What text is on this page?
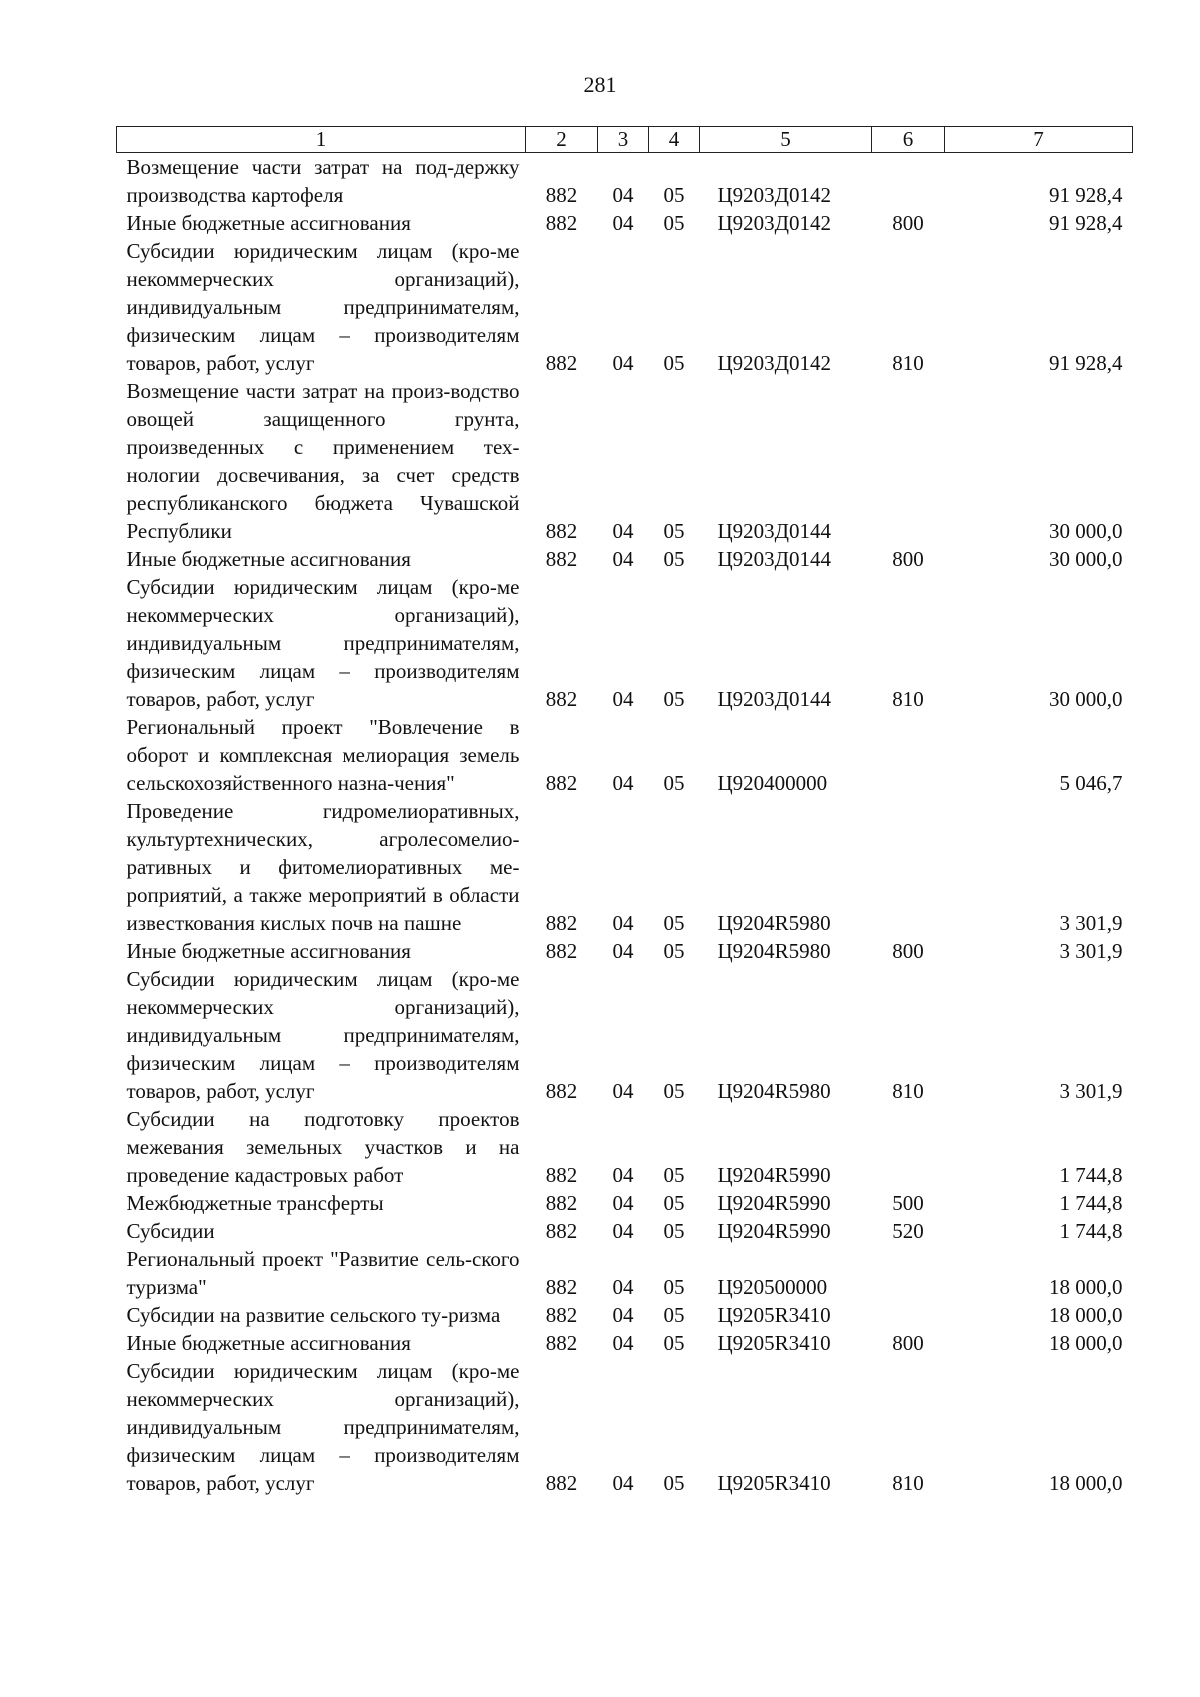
281
1	2	3	4	5	6	7
Возмещение части затрат на под-держку производства картофеля	882	04	05	Ц9203Д0142		91 928,4
Иные бюджетные ассигнования	882	04	05	Ц9203Д0142	800	91 928,4
Субсидии юридическим лицам (кро-ме некоммерческих организаций), индивидуальным предпринимателям, физическим лицам – производителям товаров, работ, услуг	882	04	05	Ц9203Д0142	810	91 928,4
Возмещение части затрат на произ-водство овощей защищенного грунта, произведенных с применением тех-нологии досвечивания, за счет средств республиканского бюджета Чувашской Республики	882	04	05	Ц9203Д0144		30 000,0
Иные бюджетные ассигнования	882	04	05	Ц9203Д0144	800	30 000,0
Субсидии юридическим лицам (кро-ме некоммерческих организаций), индивидуальным предпринимателям, физическим лицам – производителям товаров, работ, услуг	882	04	05	Ц9203Д0144	810	30 000,0
Региональный проект "Вовлечение в оборот и комплексная мелиорация земель сельскохозяйственного назна-чения"	882	04	05	Ц920400000		5 046,7
Проведение гидромелиоративных, культуртехнических, агролесомелио-ративных и фитомелиоративных ме-роприятий, а также мероприятий в области известкования кислых почв на пашне	882	04	05	Ц9204R5980		3 301,9
Иные бюджетные ассигнования	882	04	05	Ц9204R5980	800	3 301,9
Субсидии юридическим лицам (кро-ме некоммерческих организаций), индивидуальным предпринимателям, физическим лицам – производителям товаров, работ, услуг	882	04	05	Ц9204R5980	810	3 301,9
Субсидии на подготовку проектов межевания земельных участков и на проведение кадастровых работ	882	04	05	Ц9204R5990		1 744,8
Межбюджетные трансферты	882	04	05	Ц9204R5990	500	1 744,8
Субсидии	882	04	05	Ц9204R5990	520	1 744,8
Региональный проект "Развитие сель-ского туризма"	882	04	05	Ц920500000		18 000,0
Субсидии на развитие сельского ту-ризма	882	04	05	Ц9205R3410		18 000,0
Иные бюджетные ассигнования	882	04	05	Ц9205R3410	800	18 000,0
Субсидии юридическим лицам (кро-ме некоммерческих организаций), индивидуальным предпринимателям, физическим лицам – производителям товаров, работ, услуг	882	04	05	Ц9205R3410	810	18 000,0
